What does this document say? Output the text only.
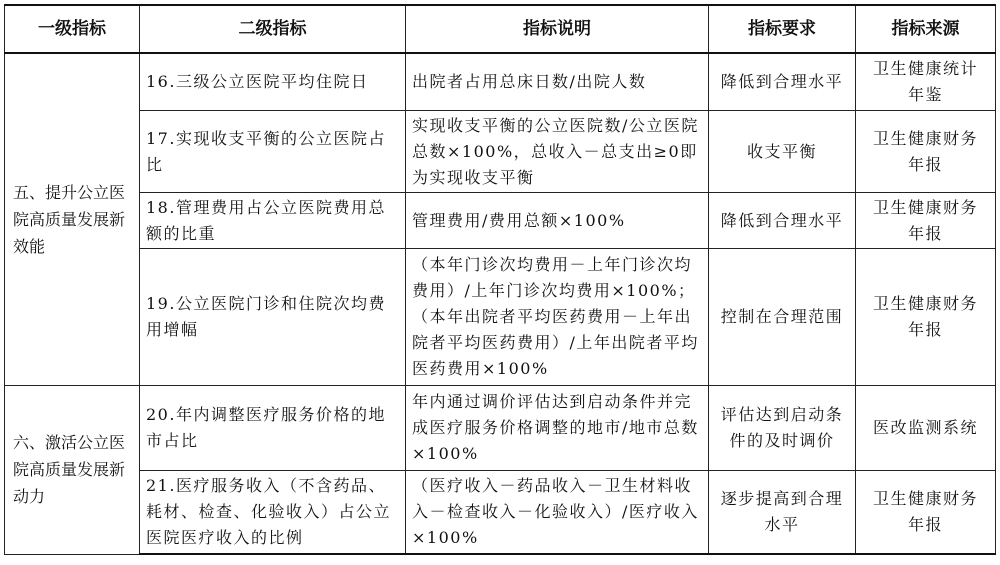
一级指标	二级指标	指标说明	指标要求	指标来源
五、提升公立医院高质量发展新效能	16.三级公立医院平均住院日	出院者占用总床日数/出院人数	降低到合理水平	卫生健康统计年鉴
	17.实现收支平衡的公立医院占比	实现收支平衡的公立医院数/公立医院总数×100%，总收入－总支出≥0即为实现收支平衡	收支平衡	卫生健康财务年报
	18.管理费用占公立医院费用总额的比重	管理费用/费用总额×100%	降低到合理水平	卫生健康财务年报
	19.公立医院门诊和住院次均费用增幅	（本年门诊次均费用－上年门诊次均费用）/上年门诊次均费用×100%；（本年出院者平均医药费用－上年出院者平均医药费用）/上年出院者平均医药费用×100%	控制在合理范围	卫生健康财务年报
六、激活公立医院高质量发展新动力	20.年内调整医疗服务价格的地市占比	年内通过调价评估达到启动条件并完成医疗服务价格调整的地市/地市总数×100%	评估达到启动条件的及时调价	医改监测系统
	21.医疗服务收入（不含药品、耗材、检查、化验收入）占公立医院医疗收入的比例	（医疗收入－药品收入－卫生材料收入－检查收入－化验收入）/医疗收入×100%	逐步提高到合理水平	卫生健康财务年报
